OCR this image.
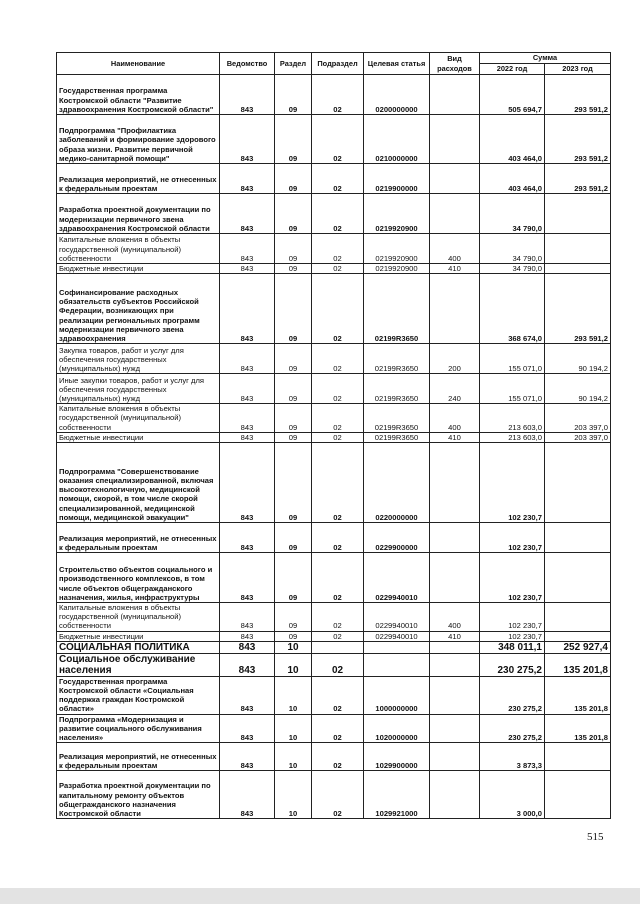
Наименование	Ведомство	Раздел	Подраздел	Целевая статья	Вид расходов	Сумма	
						2022 год	2023 год
Государственная программа Костромской области "Развитие здравоохранения Костромской области"	843	09	02	0200000000		505 694,7	293 591,2
Подпрограмма "Профилактика заболеваний и формирование здорового образа жизни. Развитие первичной медико-санитарной помощи"	843	09	02	0210000000		403 464,0	293 591,2
Реализация мероприятий, не отнесенных к федеральным проектам	843	09	02	0219900000		403 464,0	293 591,2
Разработка проектной документации по модернизации первичного звена здравоохранения Костромской области	843	09	02	0219920900		34 790,0	
Капитальные вложения в объекты государственной (муниципальной) собственности	843	09	02	0219920900	400	34 790,0	
Бюджетные инвестиции	843	09	02	0219920900	410	34 790,0	
Софинансирование расходных обязательств субъектов Российской Федерации, возникающих при реализации региональных программ модернизации первичного звена здравоохранения	843	09	02	02199R3650		368 674,0	293 591,2
Закупка товаров, работ и услуг для обеспечения государственных (муниципальных) нужд	843	09	02	02199R3650	200	155 071,0	90 194,2
Иные закупки товаров, работ и услуг для обеспечения государственных (муниципальных) нужд	843	09	02	02199R3650	240	155 071,0	90 194,2
Капитальные вложения в объекты государственной (муниципальной) собственности	843	09	02	02199R3650	400	213 603,0	203 397,0
Бюджетные инвестиции	843	09	02	02199R3650	410	213 603,0	203 397,0
Подпрограмма "Совершенствование оказания специализированной, включая высокотехнологичную, медицинской помощи, скорой, в том числе скорой специализированной, медицинской помощи, медицинской эвакуации"	843	09	02	0220000000		102 230,7	
Реализация мероприятий, не отнесенных к федеральным проектам	843	09	02	0229900000		102 230,7	
Строительство объектов социального и производственного комплексов, в том числе объектов общегражданского назначения, жилья, инфраструктуры	843	09	02	0229940010		102 230,7	
Капитальные вложения в объекты государственной (муниципальной) собственности	843	09	02	0229940010	400	102 230,7	
Бюджетные инвестиции	843	09	02	0229940010	410	102 230,7	
СОЦИАЛЬНАЯ ПОЛИТИКА	843	10				348 011,1	252 927,4
Социальное обслуживание населения	843	10	02			230 275,2	135 201,8
Государственная программа Костромской области «Социальная поддержка граждан Костромской области»	843	10	02	1000000000		230 275,2	135 201,8
Подпрограмма «Модернизация и развитие социального обслуживания населения»	843	10	02	1020000000		230 275,2	135 201,8
Реализация мероприятий, не отнесенных к федеральным проектам	843	10	02	1029900000		3 873,3	
Разработка проектной документации по капитальному ремонту объектов общегражданского назначения Костромской области	843	10	02	1029921000		3 000,0	
515
